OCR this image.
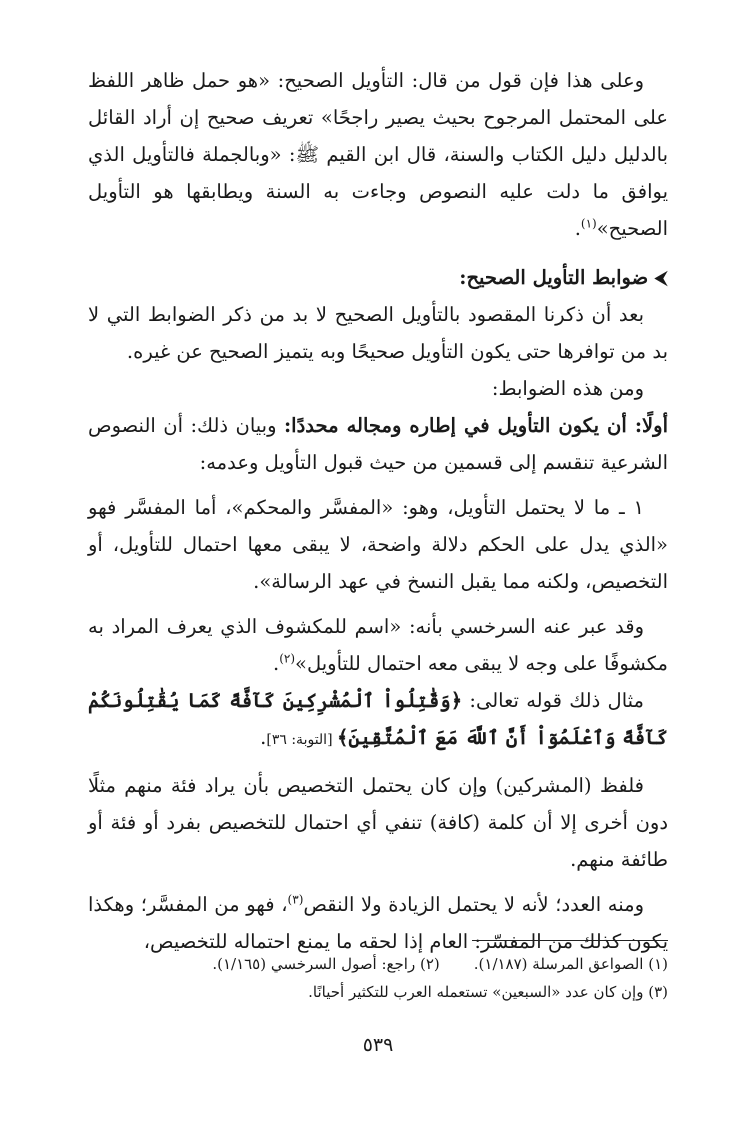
وعلى هذا فإن قول من قال: التأويل الصحيح: «هو حمل ظاهر اللفظ على المحتمل المرجوح بحيث يصير راجحًا» تعريف صحيح إن أراد القائل بالدليل دليل الكتاب والسنة، قال ابن القيم ﷺ: «وبالجملة فالتأويل الذي يوافق ما دلت عليه النصوص وجاءت به السنة ويطابقها هو التأويل الصحيح»$^{(١)}$.

⮜ضوابط التأويل الصحيح:

بعد أن ذكرنا المقصود بالتأويل الصحيح لا بد من ذكر الضوابط التي لا بد من توافرها حتى يكون التأويل صحيحًا وبه يتميز الصحيح عن غيره.

ومن هذه الضوابط:

أولًا: أن يكون التأويل في إطاره ومجاله محددًا: وبيان ذلك: أن النصوص الشرعية تنقسم إلى قسمين من حيث قبول التأويل وعدمه:

١ ـ ما لا يحتمل التأويل، وهو: «المفسَّر والمحكم»، أما المفسَّر فهو «الذي يدل على الحكم دلالة واضحة، لا يبقى معها احتمال للتأويل، أو التخصيص، ولكنه مما يقبل النسخ في عهد الرسالة».

وقد عبر عنه السرخسي بأنه: «اسم للمكشوف الذي يعرف المراد به مكشوفًا على وجه لا يبقى معه احتمال للتأويل»$^{(٢)}$.

مثال ذلك قوله تعالى: ﴿وَقَٰتِلُواْ ٱلْمُشْرِكِينَ كَآفَّةً كَمَا يُقَٰتِلُونَكُمْ كَآفَّةً وَٱعْلَمُوٓاْ أَنَّ ٱللَّهَ مَعَ ٱلْمُتَّقِينَ﴾ [التوبة: ٣٦].

فلفظ (المشركين) وإن كان يحتمل التخصيص بأن يراد فئة منهم مثلًا دون أخرى إلا أن كلمة (كافة) تنفي أي احتمال للتخصيص بفرد أو فئة أو طائفة منهم.

ومنه العدد؛ لأنه لا يحتمل الزيادة ولا النقص$^{(٣)}$، فهو من المفسَّر؛ وهكذا يكون كذلك من المفسّر: العام إذا لحقه ما يمنع احتماله للتخصيص،

(١) الصواعق المرسلة (١/١٨٧).
(٢) راجع: أصول السرخسي (١/١٦٥).
(٣) وإن كان عدد «السبعين» تستعمله العرب للتكثير أحيانًا.
٥٣٩
